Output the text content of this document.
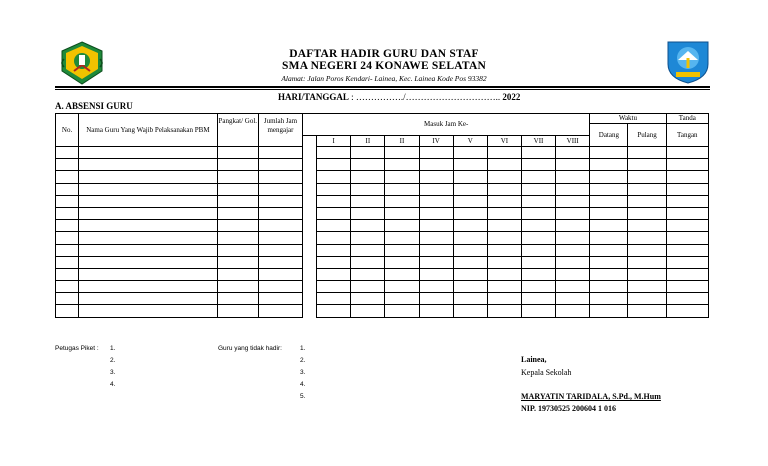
DAFTAR HADIR GURU DAN STAF
SMA NEGERI 24 KONAWE SELATAN
Alamat: Jalan Poros Kendari- Lainea, Kec. Lainea Kode Pos 93382
HARI/TANGGAL : ……………./………………………….. 2022
A. ABSENSI GURU
No.	Nama Guru Yang Wajib Pelaksanakan PBM	Pangkat/ Gol.	Jumlah Jam mengajar	Masuk Jam Ke-									Waktu		Tanda
													Datang	Pulang	Tangan
					I	II	II	IV	V	VI	VII	VIII			

Petugas Piket : 1.
2.
3.
4.
Guru yang tidak hadir:	1.
2.
3.
4.
5.
Lainea,
Kepala Sekolah
MARYATIN TARIDALA, S.Pd., M.Hum
NIP. 19730525 200604 1 016
